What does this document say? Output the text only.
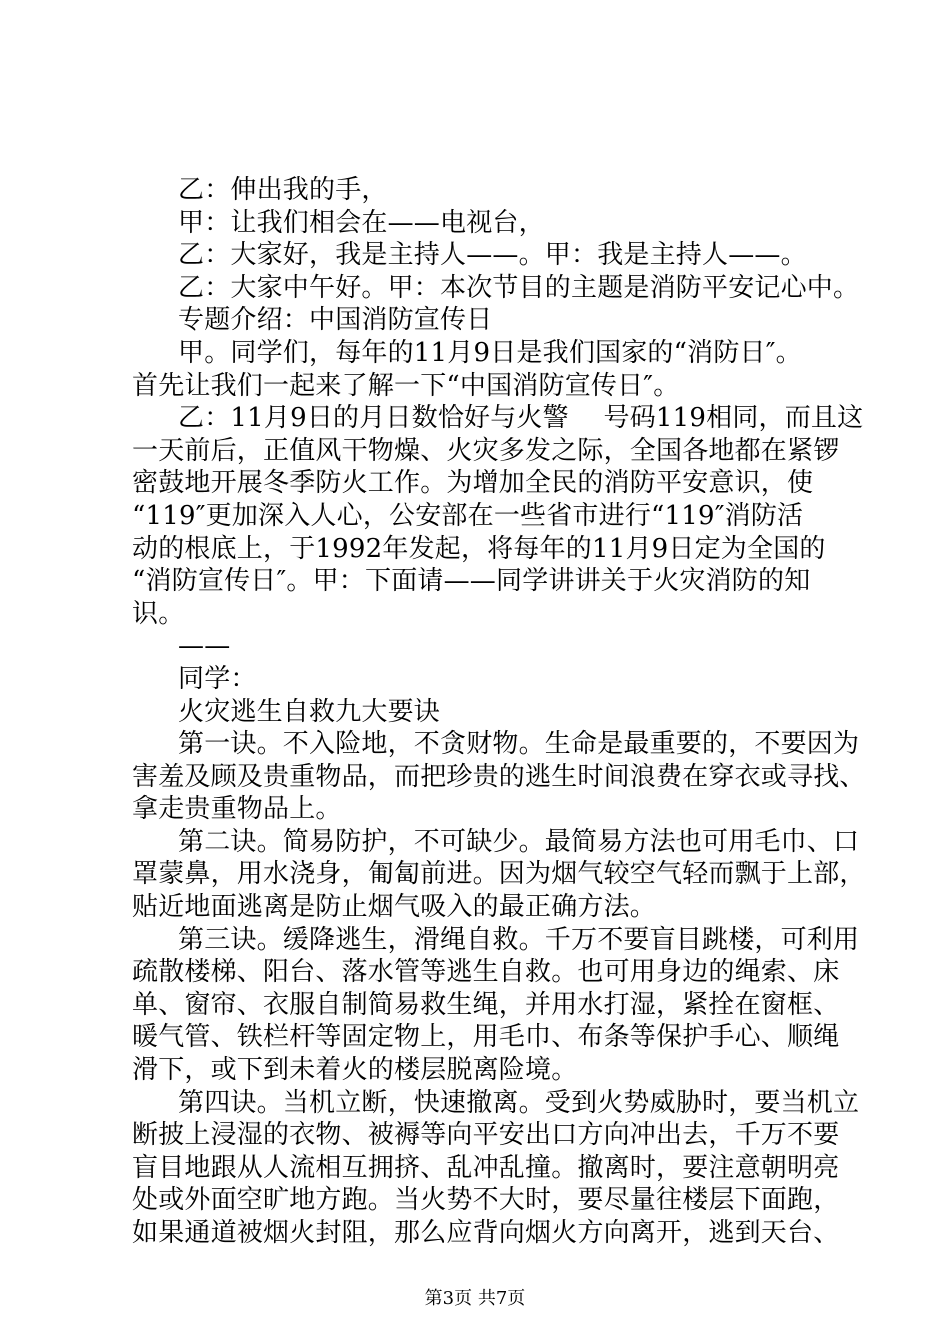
乙：伸出我的手，
甲：让我们相会在——电视台，
乙：大家好，我是主持人——。甲：我是主持人——。
乙：大家中午好。甲：本次节目的主题是消防平安记心中。
专题介绍：中国消防宣传日
甲。同学们，每年的11月9日是我们国家的“消防日″。
首先让我们一起来了解一下“中国消防宣传日″。
乙：11月9日的月日数恰好与火警　 号码119相同，而且这
一天前后，正值风干物燥、火灾多发之际，全国各地都在紧锣
密鼓地开展冬季防火工作。为增加全民的消防平安意识，使
“119″更加深入人心，公安部在一些省市进行“119″消防活
动的根底上，于1992年发起，将每年的11月9日定为全国的
“消防宣传日″。甲：下面请——同学讲讲关于火灾消防的知
识。
——
同学：
火灾逃生自救九大要诀
第一诀。不入险地，不贪财物。生命是最重要的，不要因为
害羞及顾及贵重物品，而把珍贵的逃生时间浪费在穿衣或寻找、
拿走贵重物品上。
第二诀。简易防护，不可缺少。最简易方法也可用毛巾、口
罩蒙鼻，用水浇身，匍匐前进。因为烟气较空气轻而飘于上部，
贴近地面逃离是防止烟气吸入的最正确方法。
第三诀。缓降逃生，滑绳自救。千万不要盲目跳楼，可利用
疏散楼梯、阳台、落水管等逃生自救。也可用身边的绳索、床
单、窗帘、衣服自制简易救生绳，并用水打湿，紧拴在窗框、
暖气管、铁栏杆等固定物上，用毛巾、布条等保护手心、顺绳
滑下，或下到未着火的楼层脱离险境。
第四诀。当机立断，快速撤离。受到火势威胁时，要当机立
断披上浸湿的衣物、被褥等向平安出口方向冲出去，千万不要
盲目地跟从人流相互拥挤、乱冲乱撞。撤离时，要注意朝明亮
处或外面空旷地方跑。当火势不大时，要尽量往楼层下面跑，
如果通道被烟火封阻，那么应背向烟火方向离开，逃到天台、
第3页 共7页
